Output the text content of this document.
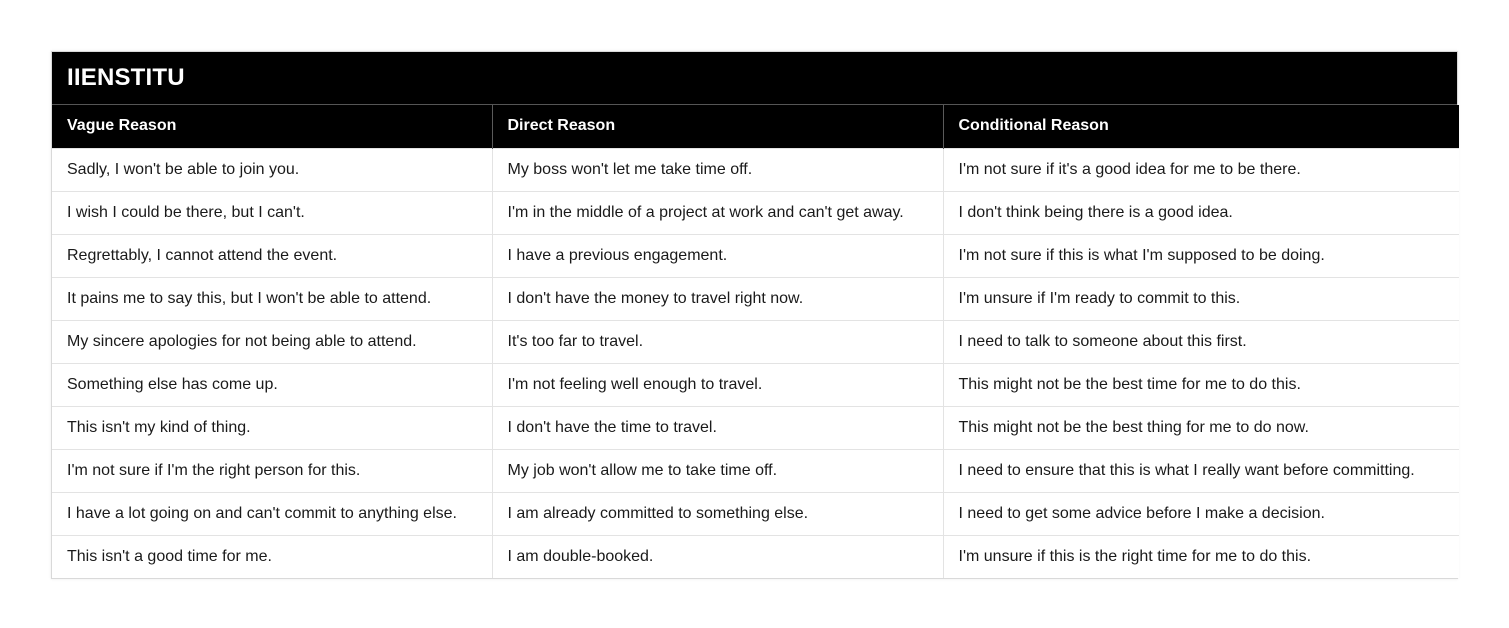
IIENSTITU
Vague Reason	Direct Reason	Conditional Reason
Sadly, I won't be able to join you.	My boss won't let me take time off.	I'm not sure if it's a good idea for me to be there.
I wish I could be there, but I can't.	I'm in the middle of a project at work and can't get away.	I don't think being there is a good idea.
Regrettably, I cannot attend the event.	I have a previous engagement.	I'm not sure if this is what I'm supposed to be doing.
It pains me to say this, but I won't be able to attend.	I don't have the money to travel right now.	I'm unsure if I'm ready to commit to this.
My sincere apologies for not being able to attend.	It's too far to travel.	I need to talk to someone about this first.
Something else has come up.	I'm not feeling well enough to travel.	This might not be the best time for me to do this.
This isn't my kind of thing.	I don't have the time to travel.	This might not be the best thing for me to do now.
I'm not sure if I'm the right person for this.	My job won't allow me to take time off.	I need to ensure that this is what I really want before committing.
I have a lot going on and can't commit to anything else.	I am already committed to something else.	I need to get some advice before I make a decision.
This isn't a good time for me.	I am double-booked.	I'm unsure if this is the right time for me to do this.
